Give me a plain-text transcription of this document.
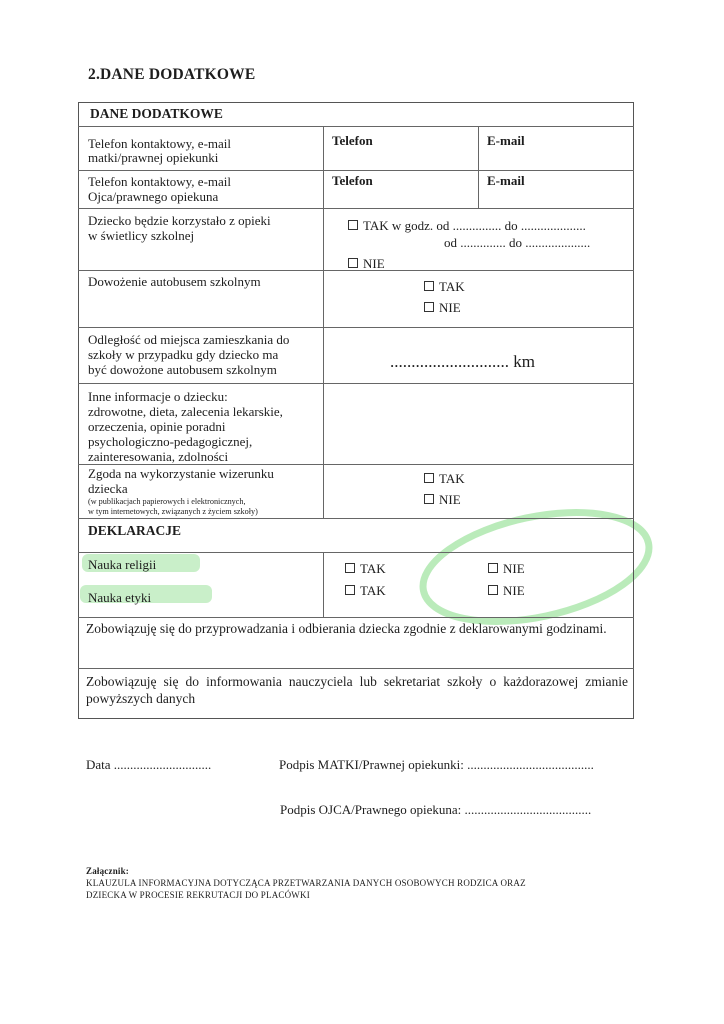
2.DANE DODATKOWE
DANE DODATKOWE
Telefon kontaktowy, e-mail
matki/prawnej opiekunki
Telefon	E-mail
Telefon kontaktowy, e-mail
Ojca/prawnego opiekuna
Telefon	E-mail
Dziecko będzie korzystało z opieki
w świetlicy szkolnej
TAK w godz. od ............... do ....................
od .............. do ....................
NIE
Dowożenie autobusem szkolnym	TAK
NIE
Odległość od miejsca zamieszkania do
szkoły w przypadku gdy dziecko ma
być dowożone autobusem szkolnym	............................ km
Inne informacje o dziecku:
zdrowotne, dieta, zalecenia lekarskie,
orzeczenia, opinie poradni
psychologiczno-pedagogicznej,
zainteresowania, zdolności
Zgoda na wykorzystanie wizerunku
dziecka
(w publikacjach papierowych i elektronicznych,
w tym internetowych, związanych z życiem szkoły)
TAK
NIE
DEKLARACJE
Nauka religii	TAK	NIE
Nauka etyki	TAK	NIE
Zobowiązuję się do przyprowadzania i odbierania dziecka zgodnie z deklarowanymi godzinami.
Zobowiązuję się do informowania nauczyciela lub sekretariat szkoły o każdorazowej zmianie powyższych danych
Data ..............................	Podpis MATKI/Prawnej opiekunki: .......................................
Podpis OJCA/Prawnego opiekuna: .......................................
Załącznik:
KLAUZULA INFORMACYJNA DOTYCZĄCA PRZETWARZANIA DANYCH OSOBOWYCH RODZICA ORAZ
DZIECKA W PROCESIE REKRUTACJI DO PLACÓWKI
